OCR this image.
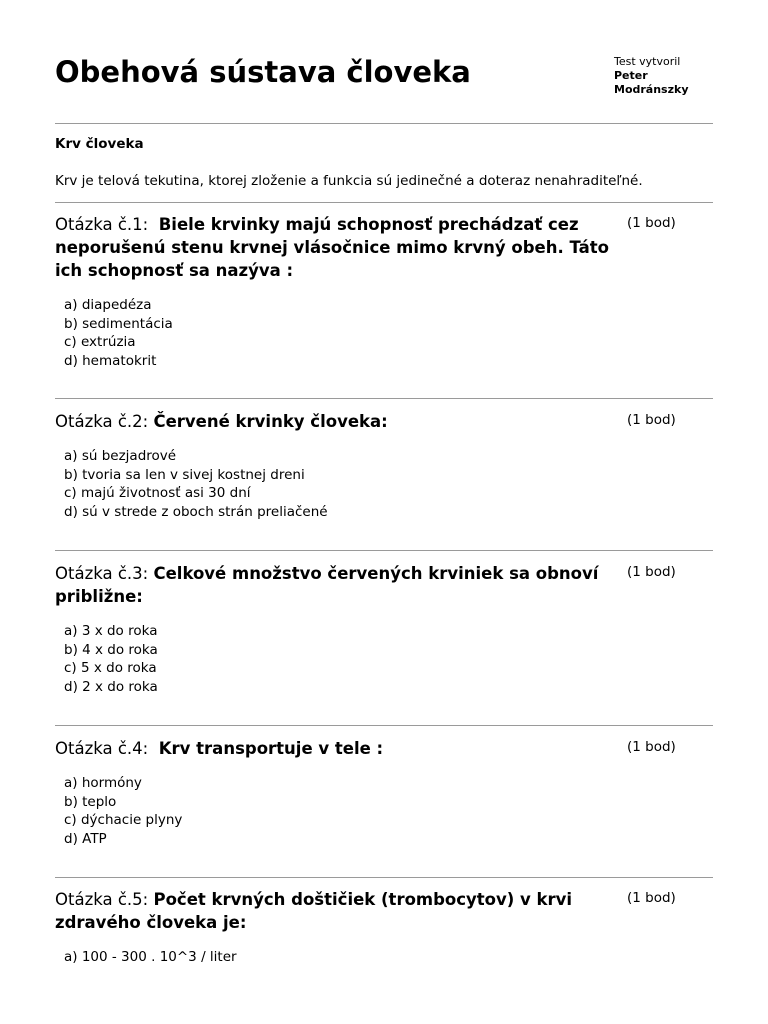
Obehová sústava človeka	Test vytvoril
Peter
Modránszky
Krv človeka
Krv je telová tekutina, ktorej zloženie a funkcia sú jedinečné a doteraz nenahraditeľné.
Otázka č.1: Biele krvinky majú schopnosť prechádzať cez neporušenú stenu krvnej vlásočnice mimo krvný obeh. Táto ich schopnosť sa nazýva :
(1 bod)
a) diapedéza
b) sedimentácia
c) extrúzia
d) hematokrit
Otázka č.2: Červené krvinky človeka:	(1 bod)
a) sú bezjadrové
b) tvoria sa len v sivej kostnej dreni
c) majú životnosť asi 30 dní
d) sú v strede z oboch strán preliačené
Otázka č.3: Celkové množstvo červených krviniek sa obnoví približne:
(1 bod)
a) 3 x do roka
b) 4 x do roka
c) 5 x do roka
d) 2 x do roka
Otázka č.4: Krv transportuje v tele :	(1 bod)
a) hormóny
b) teplo
c) dýchacie plyny
d) ATP
Otázka č.5: Počet krvných doštičiek (trombocytov) v krvi zdravého človeka je:
(1 bod)
a) 100 - 300 . 10^3 / liter
